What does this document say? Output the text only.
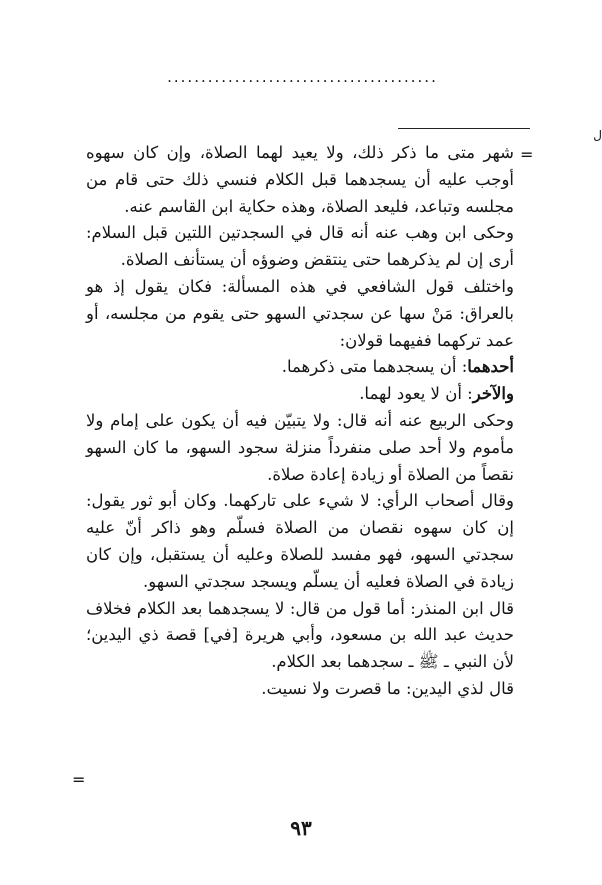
........................................
ل
=
=

شهر متى ما ذكر ذلك، ولا يعيد لهما الصلاة، وإن كان سهوه أوجب عليه أن يسجدهما قبل الكلام فنسي ذلك حتى قام من مجلسه وتباعد، فليعد الصلاة، وهذه حكاية ابن القاسم عنه.

وحكى ابن وهب عنه أنه قال في السجدتين اللتين قبل السلام: أرى إن لم يذكرهما حتى ينتقض وضوؤه أن يستأنف الصلاة.

واختلف قول الشافعي في هذه المسألة: فكان يقول إذ هو بالعراق: مَنْ سها عن سجدتي السهو حتى يقوم من مجلسه، أو عمد تركهما ففيهما قولان:

أحدهما: أن يسجدهما متى ذكرهما.

والآخر: أن لا يعود لهما.

وحكى الربيع عنه أنه قال: ولا يتبيّن فيه أن يكون على إمام ولا مأموم ولا أحد صلى منفرداً منزلة سجود السهو، ما كان السهو نقصاً من الصلاة أو زيادة إعادة صلاة.

وقال أصحاب الرأي: لا شيء على تاركهما. وكان أبو ثور يقول: إن كان سهوه نقصان من الصلاة فسلّم وهو ذاكر أنّ عليه سجدتي السهو، فهو مفسد للصلاة وعليه أن يستقبل، وإن كان زيادة في الصلاة فعليه أن يسلّم ويسجد سجدتي السهو.

قال ابن المنذر: أما قول من قال: لا يسجدهما بعد الكلام فخلاف حديث عبد الله بن مسعود، وأبي هريرة [في] قصة ذي اليدين؛ لأن النبي ـ ﷺ ـ سجدهما بعد الكلام.

قال لذي اليدين: ما قصرت ولا نسيت.

٩٣
